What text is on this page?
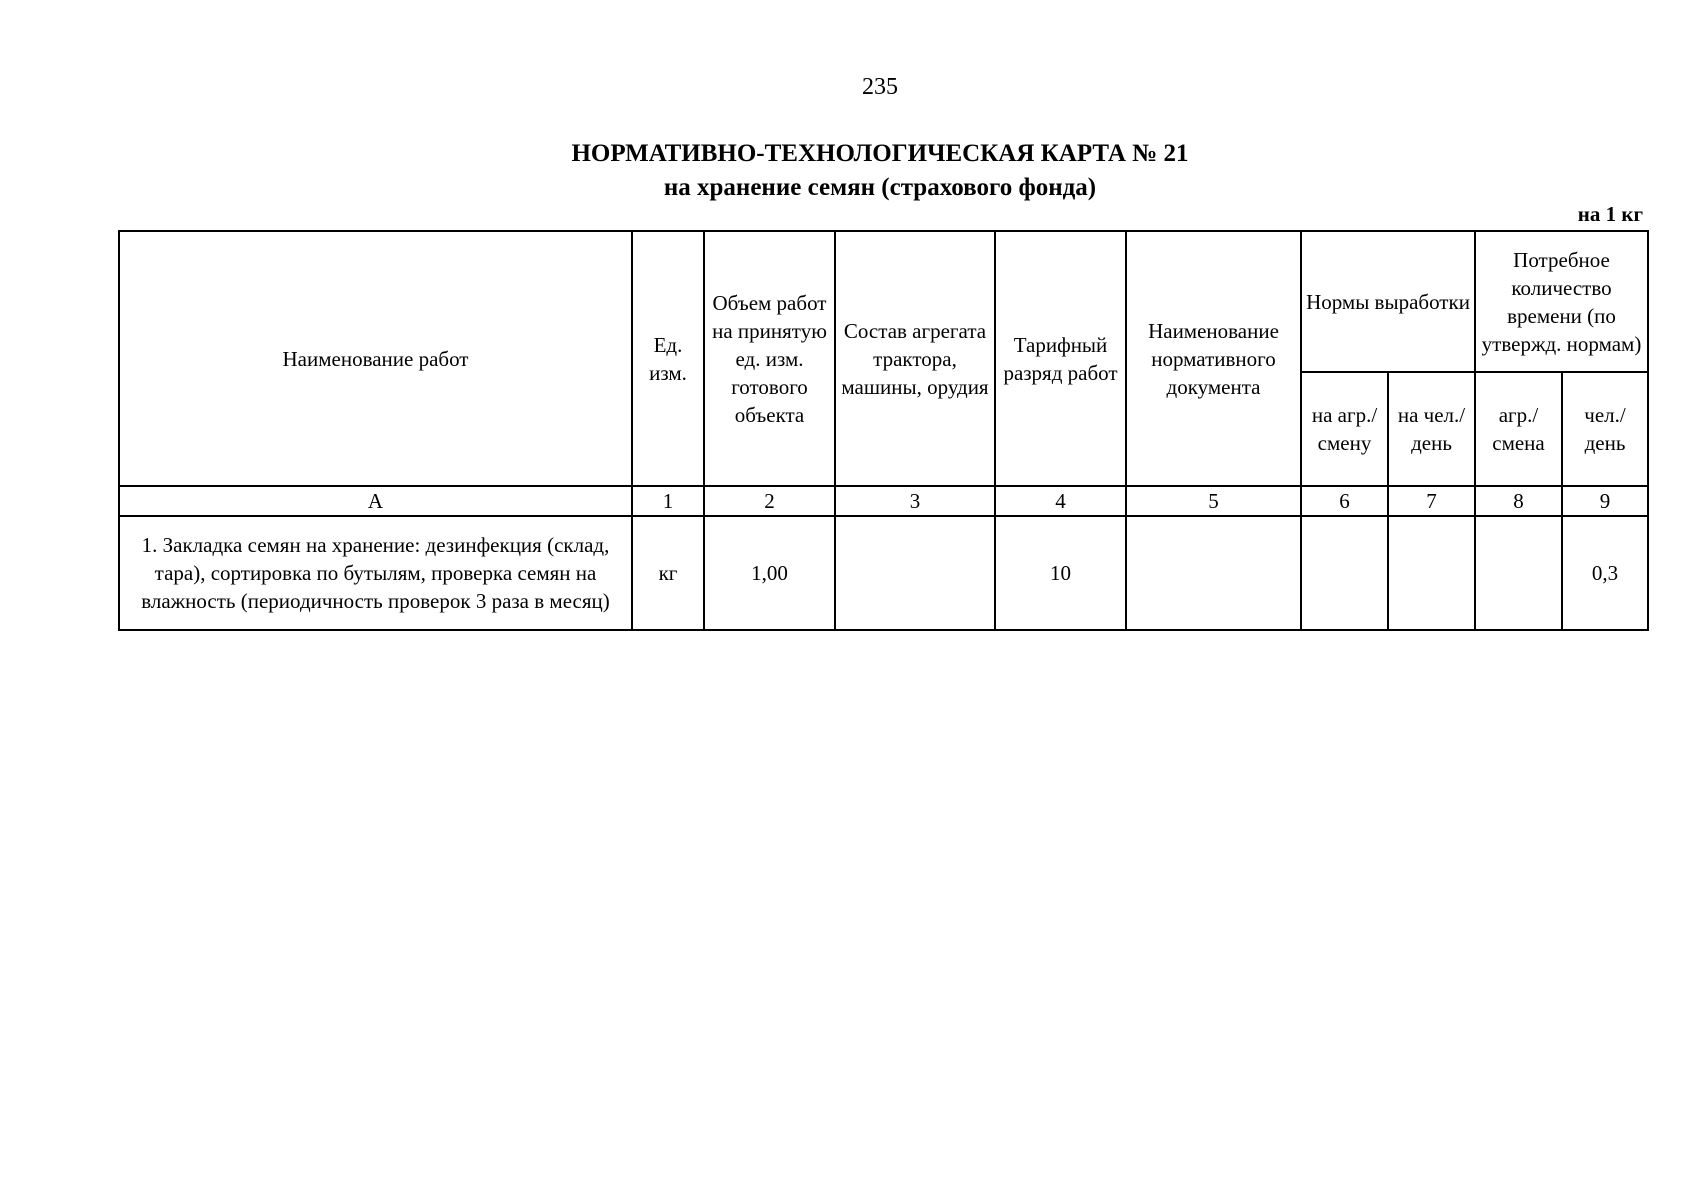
235
НОРМАТИВНО-ТЕХНОЛОГИЧЕСКАЯ КАРТА № 21
на хранение семян (страхового фонда)
на 1 кг
Наименование работ	Ед. изм.	Объем работ на принятую ед. изм. готового объекта	Состав агрегата трактора, машины, орудия	Тарифный разряд работ	Наименование нормативного документа	Нормы выработки		Потребное количество времени (по утвержд. нормам)	
						на агр./ смену	на чел./ день	агр./ смена	чел./ день
А	1	2	3	4	5	6	7	8	9
1. Закладка семян на хранение: дезинфекция (склад, тара), сортировка по бутылям, проверка семян на влажность (периодичность проверок 3 раза в месяц)	кг	1,00		10					0,3
